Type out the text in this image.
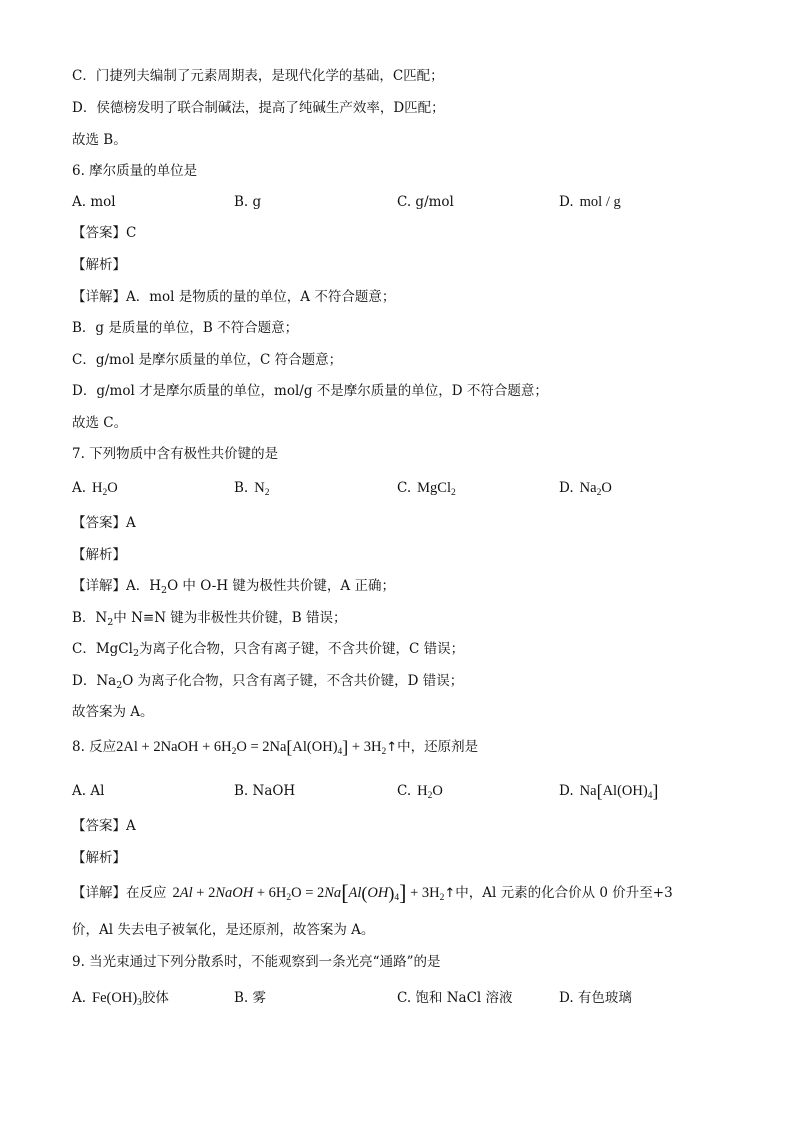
C．门捷列夫编制了元素周期表，是现代化学的基础，C匹配；
D．侯德榜发明了联合制碱法，提高了纯碱生产效率，D匹配；
故选 B。
6. 摩尔质量的单位是
A. mol	B. g	C. g/mol	D. mol / g
【答案】C
【解析】
【详解】A．mol 是物质的量的单位，A 不符合题意；
B．g 是质量的单位，B 不符合题意；
C．g/mol 是摩尔质量的单位，C 符合题意；
D．g/mol 才是摩尔质量的单位，mol/g 不是摩尔质量的单位，D 不符合题意；
故选 C。
7. 下列物质中含有极性共价键的是
A. $H_2O$	B. $N_2$	C. MgCl$_2$	D. $Na_2O$
【答案】A
【解析】
【详解】A．$H_2O$ 中 O-H 键为极性共价键，A 正确；
B．$N_2$中 N≡N 键为非极性共价键，B 错误；
C．MgCl$_2$为离子化合物，只含有离子键，不含共价键，C 错误；
D．$Na_2O$ 为离子化合物，只含有离子键，不含共价键，D 错误；
故答案为 A。
8. 反应2Al + 2NaOH + $6H_2O = 2Na[Al(OH)_4]$ + $3H_2↑$中，还原剂是
A. Al	B. NaOH	C. $H_2O$	D. $Na[Al(OH)_4]$
【答案】A
【解析】
【详解】在反应 2Al + 2NaOH + $6H_2O = 2Na[Al(OH)_4]$ + $3H_2↑$中，Al 元素的化合价从 0 价升至+3
价，Al 失去电子被氧化，是还原剂，故答案为 A。
9. 当光束通过下列分散系时，不能观察到一条光亮“通路”的是
A. $Fe(OH)_3$胶体	B. 雾	C. 饱和 NaCl 溶液	D. 有色玻璃
